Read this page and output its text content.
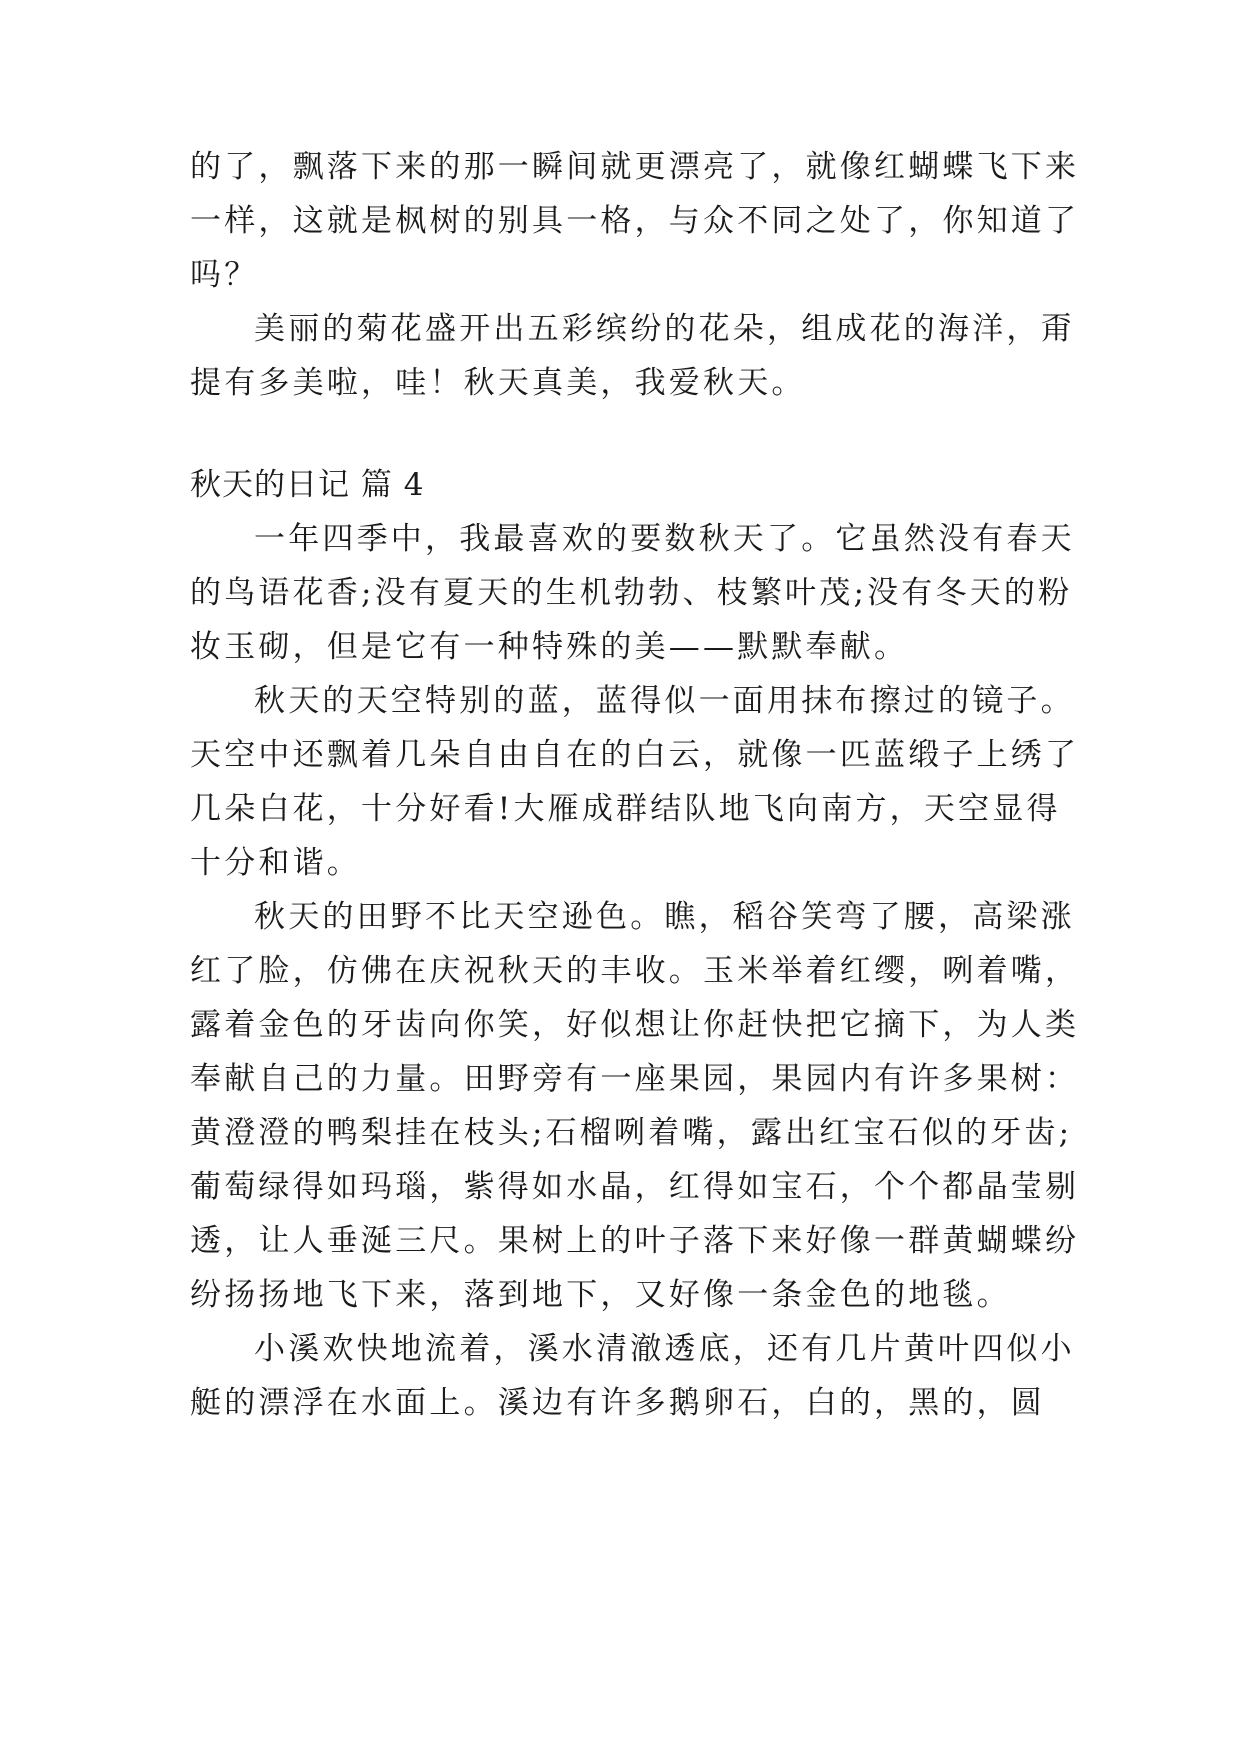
的了，飘落下来的那一瞬间就更漂亮了，就像红蝴蝶飞下来
一样，这就是枫树的别具一格，与众不同之处了，你知道了
吗？
美丽的菊花盛开出五彩缤纷的花朵，组成花的海洋，甭
提有多美啦，哇！秋天真美，我爱秋天。
秋天的日记 篇 4
一年四季中，我最喜欢的要数秋天了。它虽然没有春天
的鸟语花香;没有夏天的生机勃勃、枝繁叶茂;没有冬天的粉
妆玉砌，但是它有一种特殊的美——默默奉献。
秋天的天空特别的蓝，蓝得似一面用抹布擦过的镜子。
天空中还飘着几朵自由自在的白云，就像一匹蓝缎子上绣了
几朵白花，十分好看!大雁成群结队地飞向南方，天空显得
十分和谐。
秋天的田野不比天空逊色。瞧，稻谷笑弯了腰，高梁涨
红了脸，仿佛在庆祝秋天的丰收。玉米举着红缨，咧着嘴，
露着金色的牙齿向你笑，好似想让你赶快把它摘下，为人类
奉献自己的力量。田野旁有一座果园，果园内有许多果树：
黄澄澄的鸭梨挂在枝头;石榴咧着嘴，露出红宝石似的牙齿;
葡萄绿得如玛瑙，紫得如水晶，红得如宝石，个个都晶莹剔
透，让人垂涎三尺。果树上的叶子落下来好像一群黄蝴蝶纷
纷扬扬地飞下来，落到地下，又好像一条金色的地毯。
小溪欢快地流着，溪水清澈透底，还有几片黄叶四似小
艇的漂浮在水面上。溪边有许多鹅卵石，白的，黑的，圆
